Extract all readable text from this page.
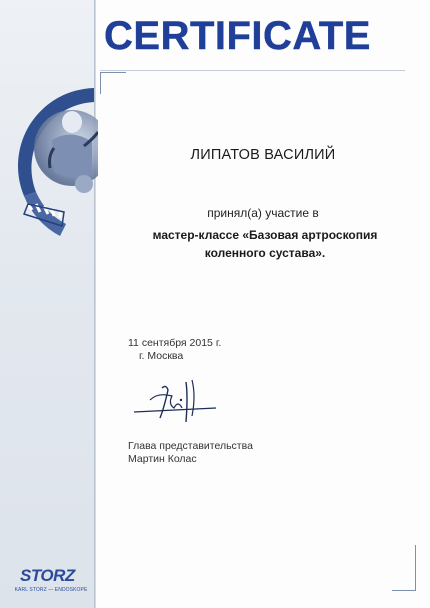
CERTIFICATE
ЛИПАТОВ ВАСИЛИЙ
принял(а) участие в
мастер-классе «Базовая артроскопия
коленного сустава».
11 сентября 2015 г.
г. Москва
Глава представительства
Мартин Колас
STORZ
KARL STORZ — ENDOSKOPE
